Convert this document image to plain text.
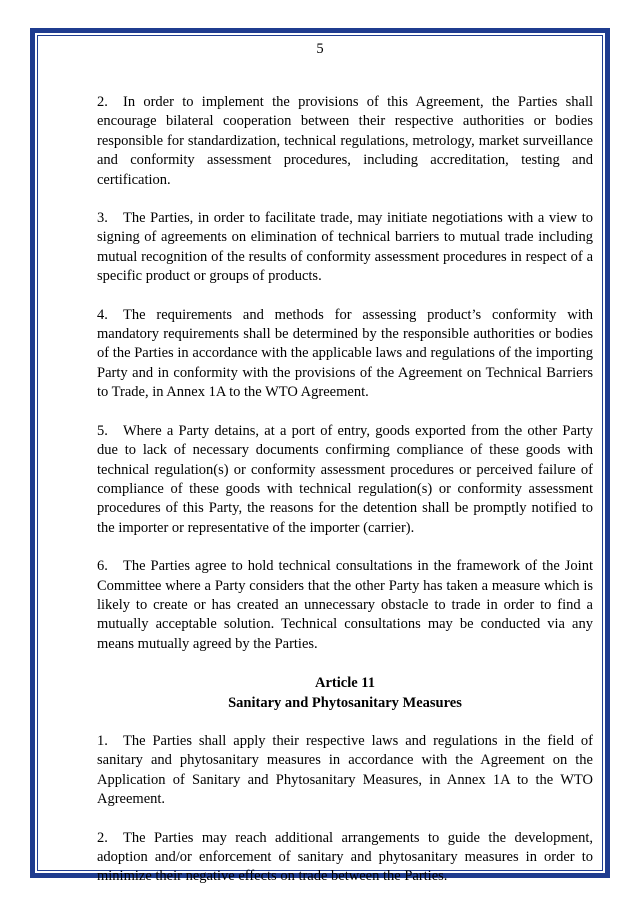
5

2. In order to implement the provisions of this Agreement, the Parties shall encourage bilateral cooperation between their respective authorities or bodies responsible for standardization, technical regulations, metrology, market surveillance and conformity assessment procedures, including accreditation, testing and certification.

3. The Parties, in order to facilitate trade, may initiate negotiations with a view to signing of agreements on elimination of technical barriers to mutual trade including mutual recognition of the results of conformity assessment procedures in respect of a specific product or groups of products.

4. The requirements and methods for assessing product’s conformity with mandatory requirements shall be determined by the responsible authorities or bodies of the Parties in accordance with the applicable laws and regulations of the importing Party and in conformity with the provisions of the Agreement on Technical Barriers to Trade, in Annex 1A to the WTO Agreement.

5. Where a Party detains, at a port of entry, goods exported from the other Party due to lack of necessary documents confirming compliance of these goods with technical regulation(s) or conformity assessment procedures or perceived failure of compliance of these goods with technical regulation(s) or conformity assessment procedures of this Party, the reasons for the detention shall be promptly notified to the importer or representative of the importer (carrier).

6. The Parties agree to hold technical consultations in the framework of the Joint Committee where a Party considers that the other Party has taken a measure which is likely to create or has created an unnecessary obstacle to trade in order to find a mutually acceptable solution. Technical consultations may be conducted via any means mutually agreed by the Parties.

Article 11
Sanitary and Phytosanitary Measures

1. The Parties shall apply their respective laws and regulations in the field of sanitary and phytosanitary measures in accordance with the Agreement on the Application of Sanitary and Phytosanitary Measures, in Annex 1A to the WTO Agreement.

2. The Parties may reach additional arrangements to guide the development, adoption and/or enforcement of sanitary and phytosanitary measures in order to minimize their negative effects on trade between the Parties.
